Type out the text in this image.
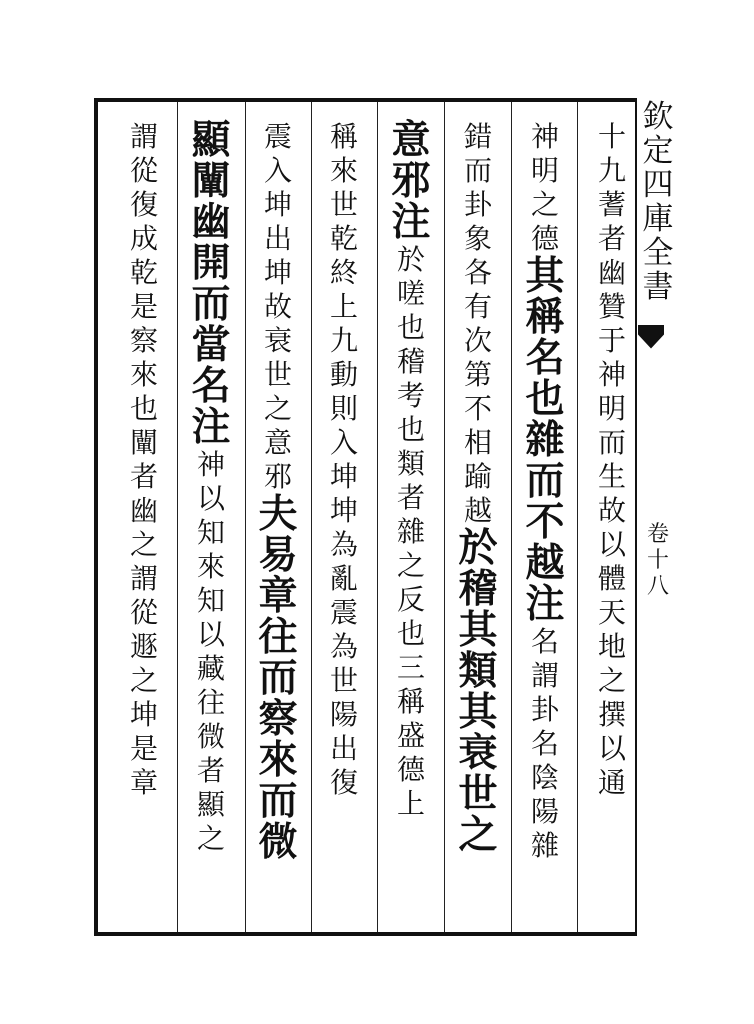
欽
定
四
庫
全
書
卷
十
八
十
九
蓍
者
幽
贊
于
神
明
而
生
故
以
體
天
地
之
撰
以
通
神
明
之
德
其
稱
名
也
雜
而
不
越
注
名
謂
卦
名
陰
陽
雜
錯
而
卦
象
各
有
次
第
不
相
踰
越
於
稽
其
類
其
衰
世
之
意
邪
注
於
嗟
也
稽
考
也
類
者
雜
之
反
也
三
稱
盛
德
上
稱
來
世
乾
終
上
九
動
則
入
坤
坤
為
亂
震
為
世
陽
出
復
震
入
坤
出
坤
故
衰
世
之
意
邪
夫
易
章
往
而
察
來
而
微
顯
闡
幽
開
而
當
名
注
神
以
知
來
知
以
藏
往
微
者
顯
之
謂
從
復
成
乾
是
察
來
也
闡
者
幽
之
謂
從
遯
之
坤
是
章
